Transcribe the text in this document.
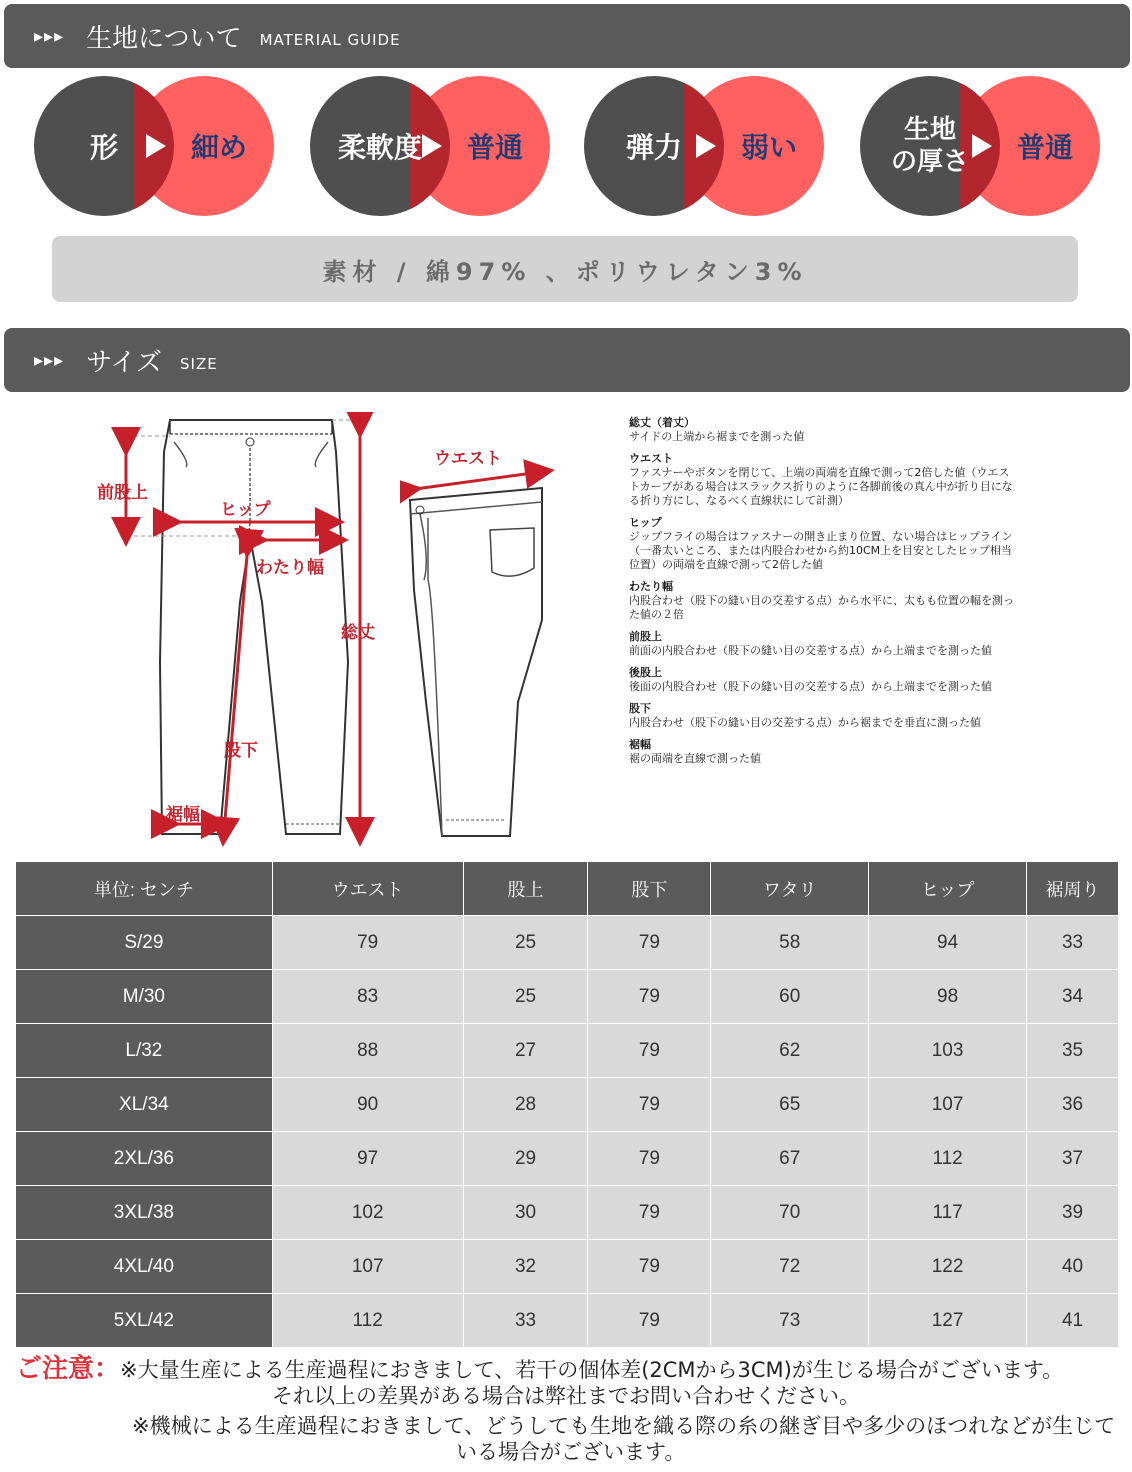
▸▸▸ 生地について MATERIAL GUIDE
形	細め	柔軟度	普通	弾力	弱い
生地
の厚さ	普通
素材 / 綿97% 、ポリウレタン3%
▸▸▸ サイズ SIZE
前股上
ヒップ
わたり幅
総丈
股下
裾幅
ウエスト
総丈（着丈）
サイドの上端から裾までを測った値
ウエスト
ファスナーやボタンを閉じて、上端の両端を直線で測って2倍した値（ウエストカーブがある場合はスラックス折りのように各脚前後の真ん中が折り目になる折り方にし、なるべく直線状にして計測）
ヒップ
ジップフライの場合はファスナーの開き止まり位置、ない場合はヒップライン（一番太いところ、または内股合わせから約10CM上を目安としたヒップ相当位置）の両端を直線で測って2倍した値
わたり幅
内股合わせ（股下の縫い目の交差する点）から水平に、太もも位置の幅を測った値の２倍
前股上
前面の内股合わせ（股下の縫い目の交差する点）から上端までを測った値
後股上
後面の内股合わせ（股下の縫い目の交差する点）から上端までを測った値
股下
内股合わせ（股下の縫い目の交差する点）から裾までを垂直に測った値
裾幅
裾の両端を直線で測った値
単位: センチ	ウエスト	股上	股下	ワタリ	ヒップ	裾周り
S/29	79	25	79	58	94	33
M/30	83	25	79	60	98	34
L/32	88	27	79	62	103	35
XL/34	90	28	79	65	107	36
2XL/36	97	29	79	67	112	37
3XL/38	102	30	79	70	117	39
4XL/40	107	32	79	72	122	40
5XL/42	112	33	79	73	127	41
ご注意：※大量生産による生産過程におきまして、若干の個体差(2CMから3CM)が生じる場合がございます。
それ以上の差異がある場合は弊社までお問い合わせください。
※機械による生産過程におきまして、どうしても生地を織る際の糸の継ぎ目や多少のほつれなどが生じて
いる場合がございます。
